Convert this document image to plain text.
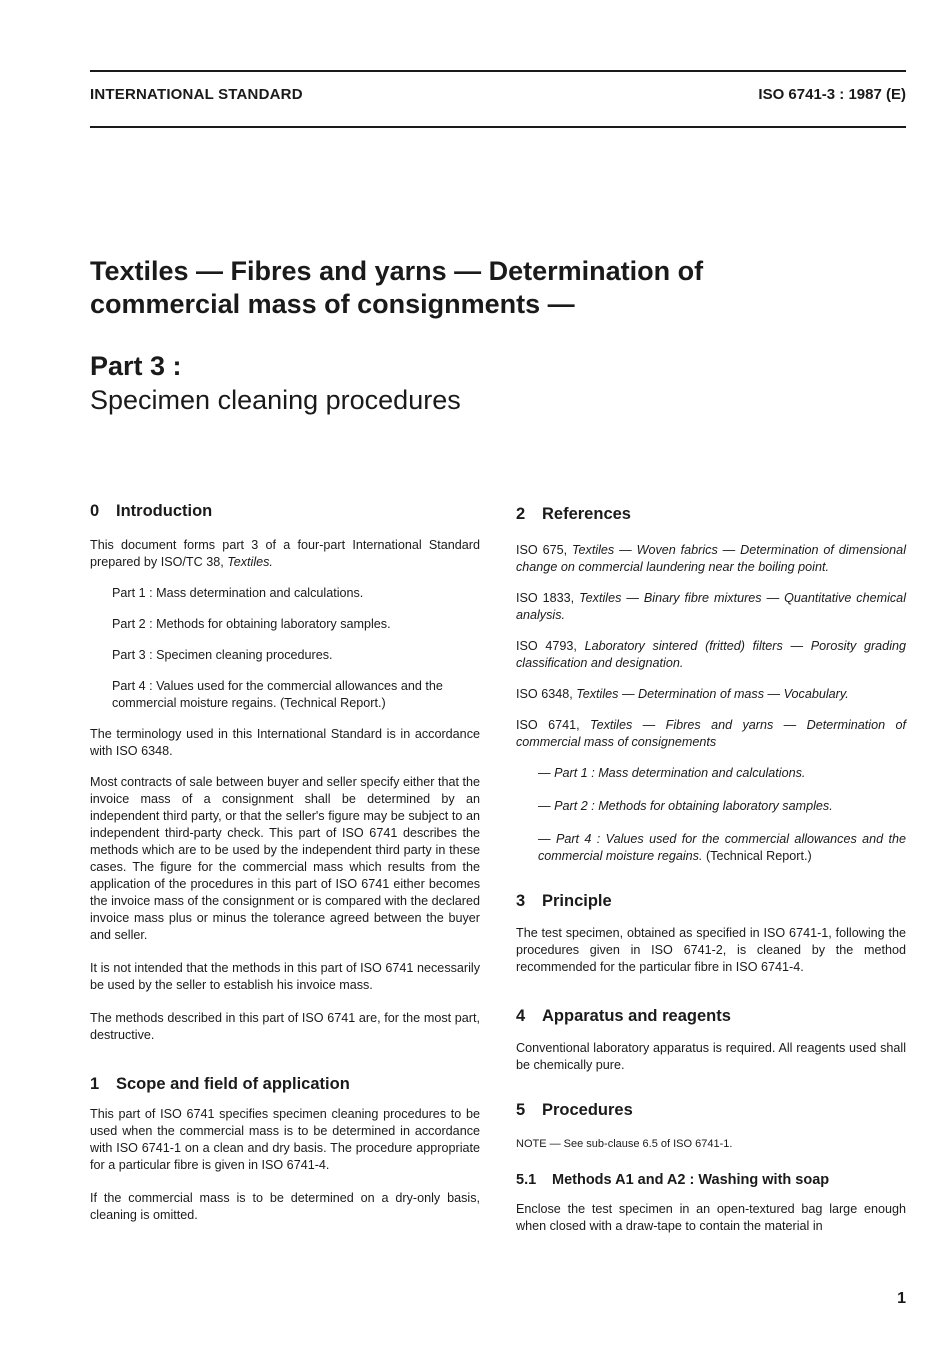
INTERNATIONAL STANDARD	ISO 6741-3 : 1987 (E)
Textiles — Fibres and yarns — Determination of
commercial mass of consignments —
Part 3 :
Specimen cleaning procedures
0 Introduction

This document forms part 3 of a four-part International Standard prepared by ISO/TC 38, Textiles.

Part 1 : Mass determination and calculations.

Part 2 : Methods for obtaining laboratory samples.

Part 3 : Specimen cleaning procedures.

Part 4 : Values used for the commercial allowances and the commercial moisture regains. (Technical Report.)

The terminology used in this International Standard is in accordance with ISO 6348.

Most contracts of sale between buyer and seller specify either that the invoice mass of a consignment shall be determined by an independent third party, or that the seller's figure may be subject to an independent third-party check. This part of ISO 6741 describes the methods which are to be used by the independent third party in these cases. The figure for the commercial mass which results from the application of the procedures in this part of ISO 6741 either becomes the invoice mass of the consignment or is compared with the declared invoice mass plus or minus the tolerance agreed between the buyer and seller.

It is not intended that the methods in this part of ISO 6741 necessarily be used by the seller to establish his invoice mass.

The methods described in this part of ISO 6741 are, for the most part, destructive.

1 Scope and field of application

This part of ISO 6741 specifies specimen cleaning procedures to be used when the commercial mass is to be determined in accordance with ISO 6741-1 on a clean and dry basis. The procedure appropriate for a particular fibre is given in ISO 6741-4.

If the commercial mass is to be determined on a dry-only basis, cleaning is omitted.

2 References

ISO 675, Textiles — Woven fabrics — Determination of dimensional change on commercial laundering near the boiling point.

ISO 1833, Textiles — Binary fibre mixtures — Quantitative chemical analysis.

ISO 4793, Laboratory sintered (fritted) filters — Porosity grading classification and designation.

ISO 6348, Textiles — Determination of mass — Vocabulary.

ISO 6741, Textiles — Fibres and yarns — Determination of commercial mass of consignements

— Part 1 : Mass determination and calculations.

— Part 2 : Methods for obtaining laboratory samples.

— Part 4 : Values used for the commercial allowances and the commercial moisture regains. (Technical Report.)

3 Principle

The test specimen, obtained as specified in ISO 6741-1, following the procedures given in ISO 6741-2, is cleaned by the method recommended for the particular fibre in ISO 6741-4.

4 Apparatus and reagents

Conventional laboratory apparatus is required. All reagents used shall be chemically pure.

5 Procedures

NOTE — See sub-clause 6.5 of ISO 6741-1.

5.1 Methods A1 and A2 : Washing with soap

Enclose the test specimen in an open-textured bag large enough when closed with a draw-tape to contain the material in

1
